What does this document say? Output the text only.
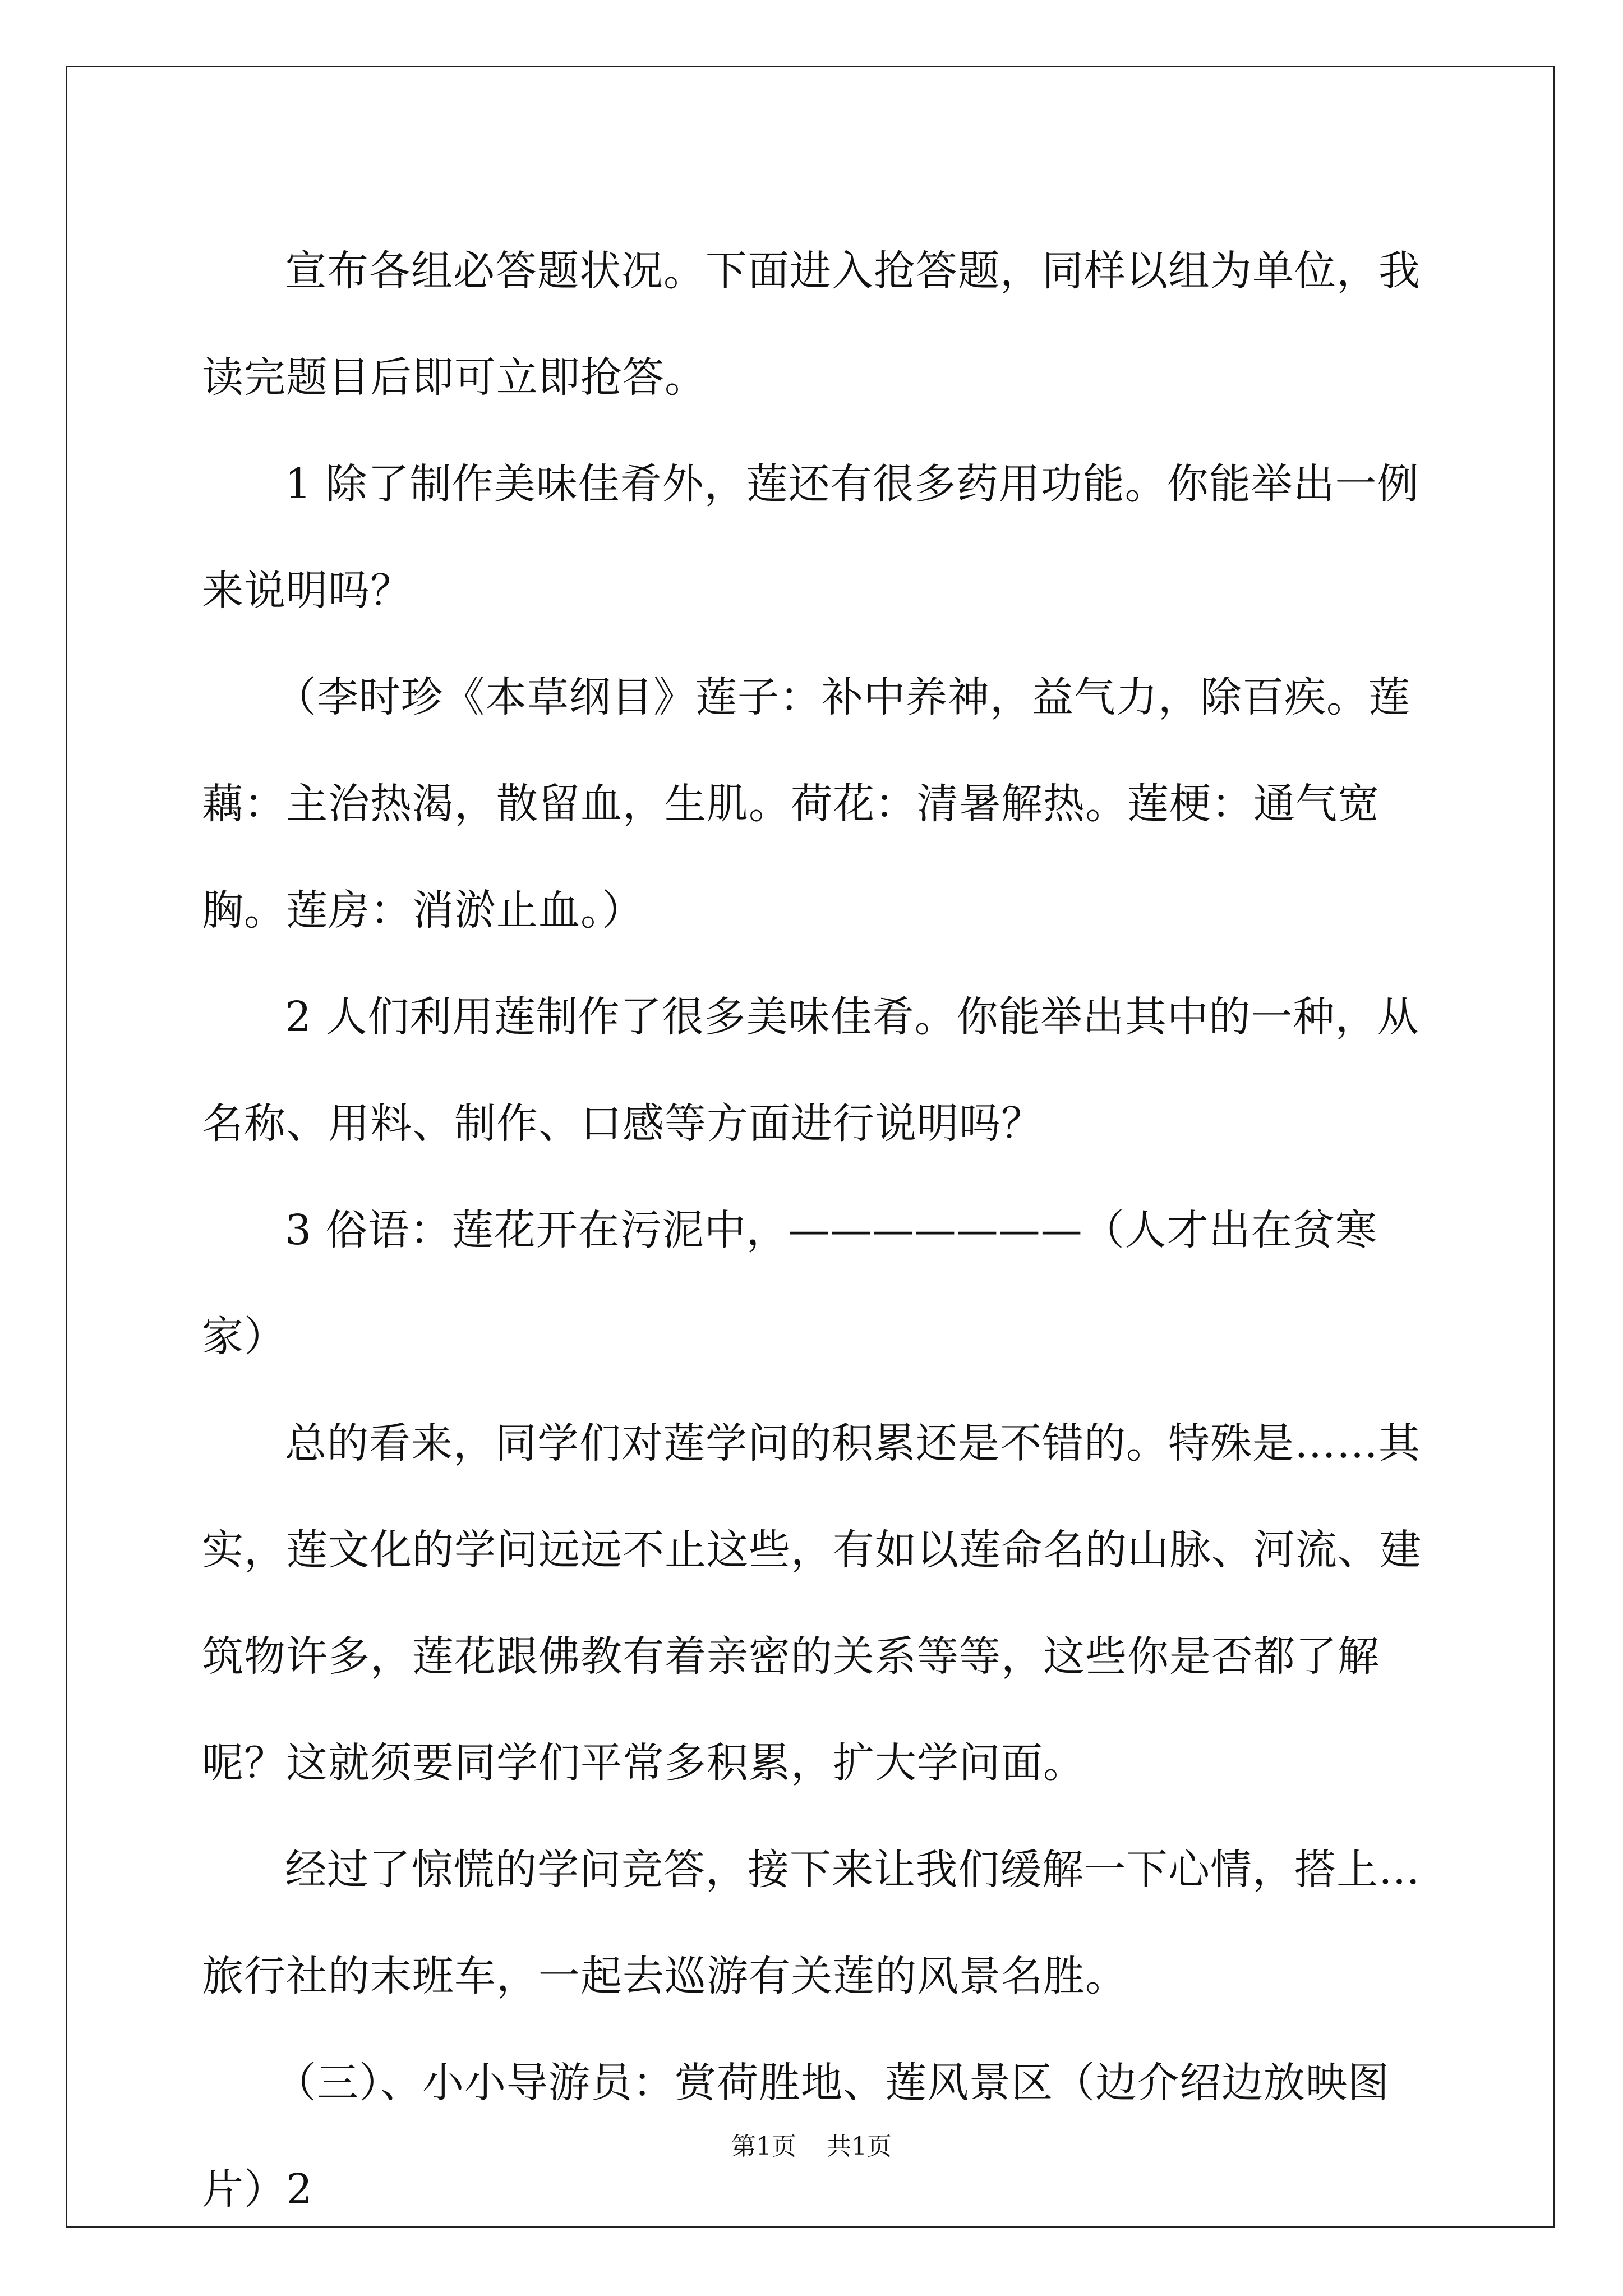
宣布各组必答题状况。下面进入抢答题，同样以组为单位，我读完题目后即可立即抢答。

1 除了制作美味佳肴外，莲还有很多药用功能。你能举出一例来说明吗？

（李时珍《本草纲目》莲子：补中养神，益气力，除百疾。莲藕：主治热渴，散留血，生肌。荷花：清暑解热。莲梗：通气宽胸。莲房：消淤止血。）

2 人们利用莲制作了很多美味佳肴。你能举出其中的一种，从名称、用料、制作、口感等方面进行说明吗？

3 俗语：莲花开在污泥中，———————（人才出在贫寒家）

总的看来，同学们对莲学问的积累还是不错的。特殊是……其实，莲文化的学问远远不止这些，有如以莲命名的山脉、河流、建筑物许多，莲花跟佛教有着亲密的关系等等，这些你是否都了解呢？这就须要同学们平常多积累，扩大学问面。

经过了惊慌的学问竞答，接下来让我们缓解一下心情，搭上…旅行社的末班车，一起去巡游有关莲的风景名胜。

（三）、小小导游员：赏荷胜地、莲风景区（边介绍边放映图片）2

第1页 共1页
